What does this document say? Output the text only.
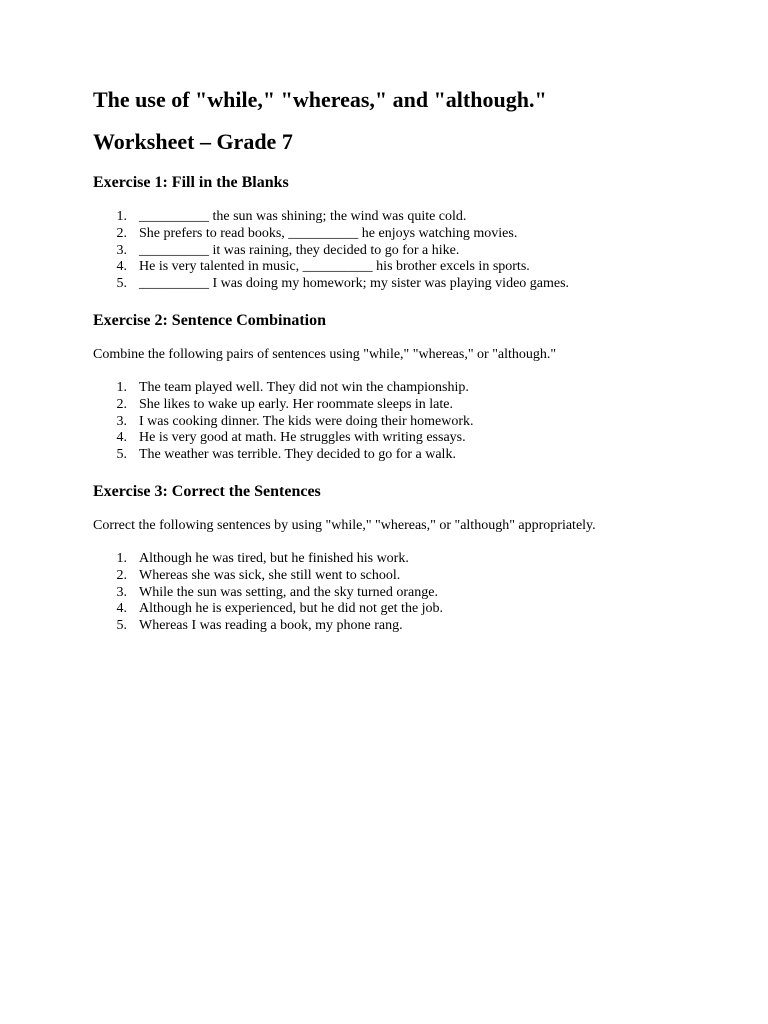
The use of "while," "whereas," and "although."
Worksheet – Grade 7
Exercise 1: Fill in the Blanks
1. __________ the sun was shining; the wind was quite cold.
2. She prefers to read books, __________ he enjoys watching movies.
3. __________ it was raining, they decided to go for a hike.
4. He is very talented in music, __________ his brother excels in sports.
5. __________ I was doing my homework; my sister was playing video games.
Exercise 2: Sentence Combination

Combine the following pairs of sentences using "while," "whereas," or "although."

1. The team played well. They did not win the championship.
2. She likes to wake up early. Her roommate sleeps in late.
3. I was cooking dinner. The kids were doing their homework.
4. He is very good at math. He struggles with writing essays.
5. The weather was terrible. They decided to go for a walk.
Exercise 3: Correct the Sentences

Correct the following sentences by using "while," "whereas," or "although" appropriately.

1. Although he was tired, but he finished his work.
2. Whereas she was sick, she still went to school.
3. While the sun was setting, and the sky turned orange.
4. Although he is experienced, but he did not get the job.
5. Whereas I was reading a book, my phone rang.
